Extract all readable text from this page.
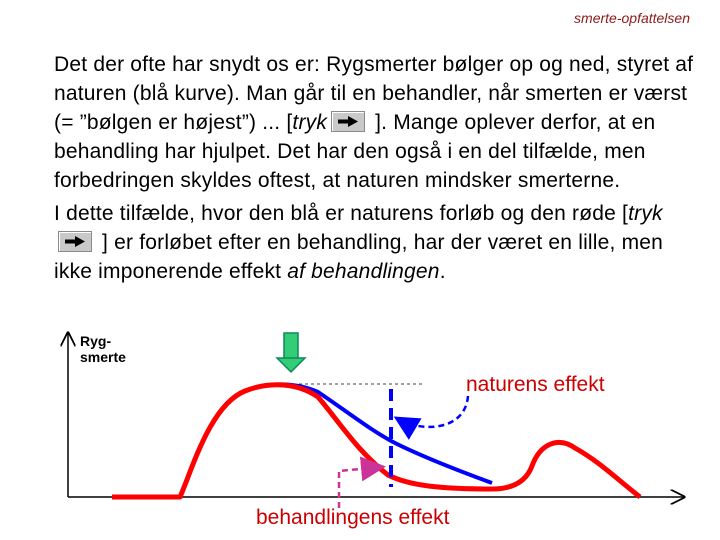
smerte-opfattelsen

Det der ofte har snydt os er: Rygsmerter bølger op og ned, styret af naturen (blå kurve). Man går til en behandler, når smerten er værst (= ”bølgen er højest”) ... [tryk
]. Mange oplever derfor, at en behandling har hjulpet. Det har den også i en del tilfælde, men forbedringen skyldes oftest, at naturen mindsker smerterne.

I dette tilfælde, hvor den blå er naturens forløb og den røde [tryk
] er forløbet efter en behandling, har der været en lille, men ikke imponerende effekt af behandlingen.

Ryg-
smerte
naturens effekt
behandlingens effekt
